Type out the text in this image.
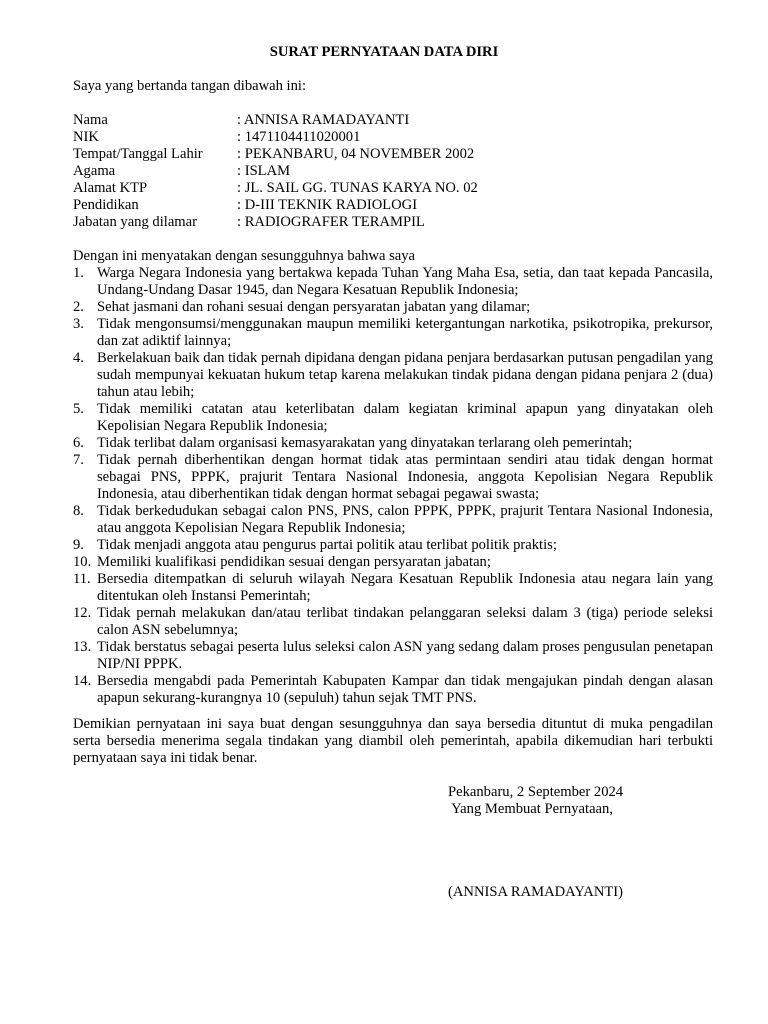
SURAT PERNYATAAN DATA DIRI
Saya yang bertanda tangan dibawah ini:
Nama	: ANNISA RAMADAYANTI
NIK	: 1471104411020001
Tempat/Tanggal Lahir	: PEKANBARU, 04 NOVEMBER 2002
Agama	: ISLAM
Alamat KTP	: JL. SAIL GG. TUNAS KARYA NO. 02
Pendidikan	: D-III TEKNIK RADIOLOGI
Jabatan yang dilamar	: RADIOGRAFER TERAMPIL
Dengan ini menyatakan dengan sesungguhnya bahwa saya
1. Warga Negara Indonesia yang bertakwa kepada Tuhan Yang Maha Esa, setia, dan taat kepada Pancasila, Undang-Undang Dasar 1945, dan Negara Kesatuan Republik Indonesia;
2. Sehat jasmani dan rohani sesuai dengan persyaratan jabatan yang dilamar;
3. Tidak mengonsumsi/menggunakan maupun memiliki ketergantungan narkotika, psikotropika, prekursor, dan zat adiktif lainnya;
4. Berkelakuan baik dan tidak pernah dipidana dengan pidana penjara berdasarkan putusan pengadilan yang sudah mempunyai kekuatan hukum tetap karena melakukan tindak pidana dengan pidana penjara 2 (dua) tahun atau lebih;
5. Tidak memiliki catatan atau keterlibatan dalam kegiatan kriminal apapun yang dinyatakan oleh Kepolisian Negara Republik Indonesia;
6. Tidak terlibat dalam organisasi kemasyarakatan yang dinyatakan terlarang oleh pemerintah;
7. Tidak pernah diberhentikan dengan hormat tidak atas permintaan sendiri atau tidak dengan hormat sebagai PNS, PPPK, prajurit Tentara Nasional Indonesia, anggota Kepolisian Negara Republik Indonesia, atau diberhentikan tidak dengan hormat sebagai pegawai swasta;
8. Tidak berkedudukan sebagai calon PNS, PNS, calon PPPK, PPPK, prajurit Tentara Nasional Indonesia, atau anggota Kepolisian Negara Republik Indonesia;
9. Tidak menjadi anggota atau pengurus partai politik atau terlibat politik praktis;
10. Memiliki kualifikasi pendidikan sesuai dengan persyaratan jabatan;
11. Bersedia ditempatkan di seluruh wilayah Negara Kesatuan Republik Indonesia atau negara lain yang ditentukan oleh Instansi Pemerintah;
12. Tidak pernah melakukan dan/atau terlibat tindakan pelanggaran seleksi dalam 3 (tiga) periode seleksi calon ASN sebelumnya;
13. Tidak berstatus sebagai peserta lulus seleksi calon ASN yang sedang dalam proses pengusulan penetapan NIP/NI PPPK.
14. Bersedia mengabdi pada Pemerintah Kabupaten Kampar dan tidak mengajukan pindah dengan alasan apapun sekurang-kurangnya 10 (sepuluh) tahun sejak TMT PNS.
Demikian pernyataan ini saya buat dengan sesungguhnya dan saya bersedia dituntut di muka pengadilan serta bersedia menerima segala tindakan yang diambil oleh pemerintah, apabila dikemudian hari terbukti pernyataan saya ini tidak benar.
Pekanbaru, 2 September 2024
Yang Membuat Pernyataan,
(ANNISA RAMADAYANTI)
